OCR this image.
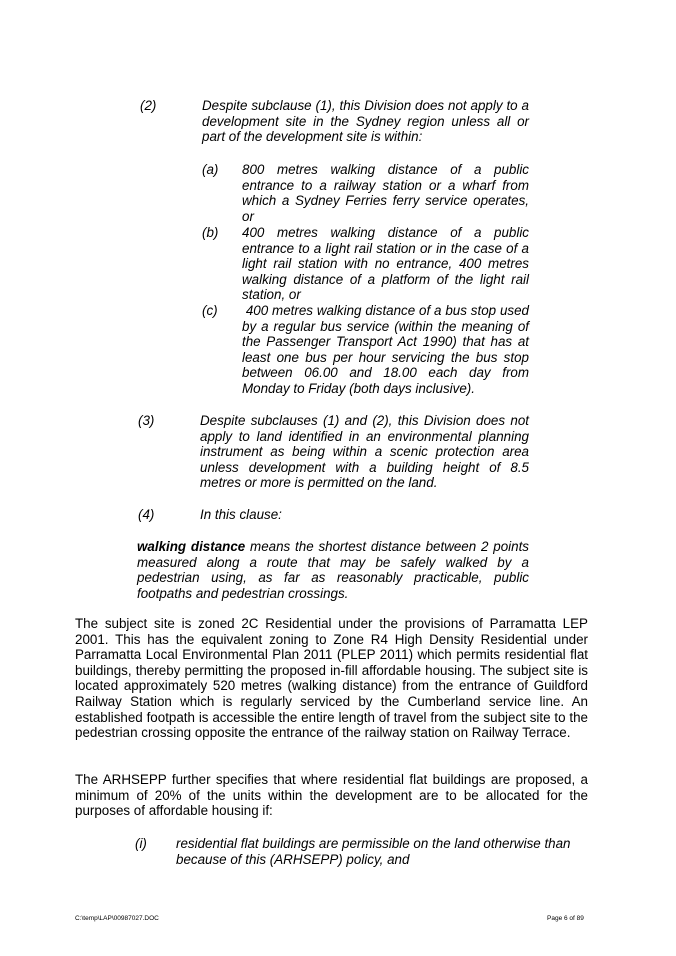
(2)	Despite subclause (1), this Division does not apply to a development site in the Sydney region unless all or part of the development site is within:

(a) 800 metres walking distance of a public entrance to a railway station or a wharf from which a Sydney Ferries ferry service operates, or

(b) 400 metres walking distance of a public entrance to a light rail station or in the case of a light rail station with no entrance, 400 metres walking distance of a platform of the light rail station, or

(c) 400 metres walking distance of a bus stop used by a regular bus service (within the meaning of the Passenger Transport Act 1990) that has at least one bus per hour servicing the bus stop between 06.00 and 18.00 each day from Monday to Friday (both days inclusive).

(3)	Despite subclauses (1) and (2), this Division does not apply to land identified in an environmental planning instrument as being within a scenic protection area unless development with a building height of 8.5 metres or more is permitted on the land.

(4)	In this clause:

walking distance means the shortest distance between 2 points measured along a route that may be safely walked by a pedestrian using, as far as reasonably practicable, public footpaths and pedestrian crossings.

The subject site is zoned 2C Residential under the provisions of Parramatta LEP 2001. This has the equivalent zoning to Zone R4 High Density Residential under Parramatta Local Environmental Plan 2011 (PLEP 2011) which permits residential flat buildings, thereby permitting the proposed in-fill affordable housing. The subject site is located approximately 520 metres (walking distance) from the entrance of Guildford Railway Station which is regularly serviced by the Cumberland service line. An established footpath is accessible the entire length of travel from the subject site to the pedestrian crossing opposite the entrance of the railway station on Railway Terrace.

The ARHSEPP further specifies that where residential flat buildings are proposed, a minimum of 20% of the units within the development are to be allocated for the purposes of affordable housing if:

(i) residential flat buildings are permissible on the land otherwise than because of this (ARHSEPP) policy, and

C:\temp\LAP\00987027.DOC	Page 6 of 89
